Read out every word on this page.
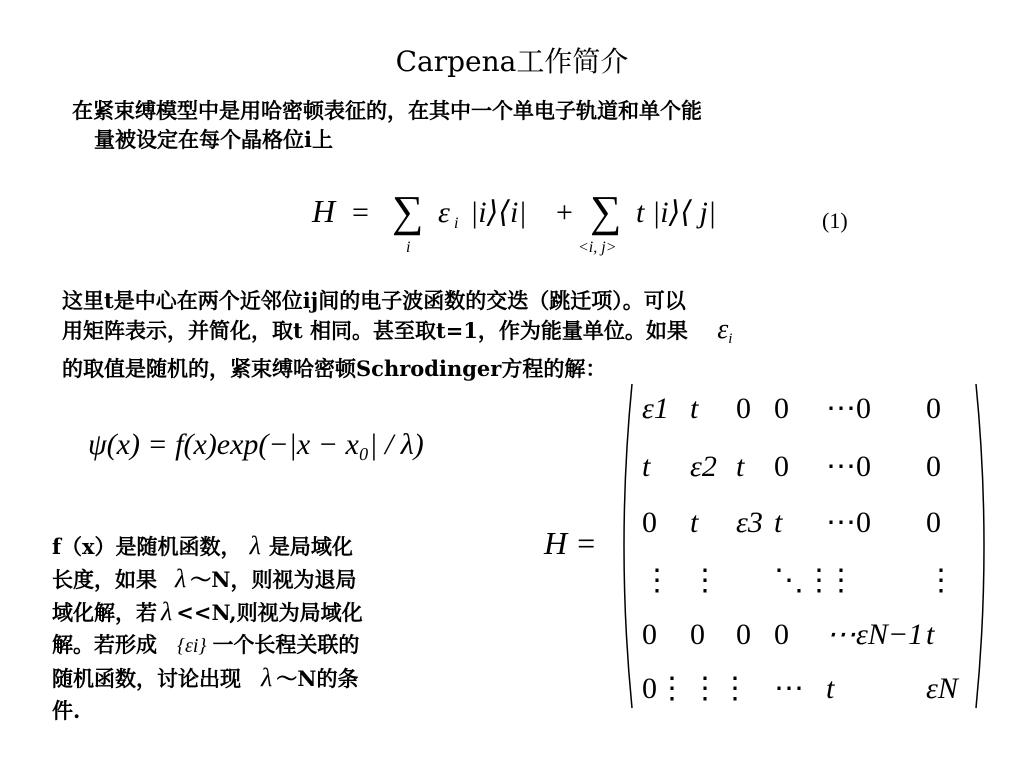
Carpena工作简介
在紧束缚模型中是用哈密顿表征的，在其中一个单电子轨道和单个能
量被设定在每个晶格位i上
H = ∑
i
ε i |i⟩⟨i| + ∑
<i, j>
t |i⟩⟨ j|	(1)
这里t是中心在两个近邻位ij间的电子波函数的交迭（跳迁项）。可以
用矩阵表示，并简化，取t 相同。甚至取t=1，作为能量单位。如果 $\varepsilon_i$
的取值是随机的，紧束缚哈密顿Schrodinger方程的解：
ψ(x) = f(x)exp(−|x − x₀| / λ)
H =
ε1 t 0 0 ⋯0 0
t ε2 t 0 ⋯0 0
0 t ε3 t ⋯0 0
⋮ ⋮ ⋱⋮
⋮ ⋮
0 0 0 0 ⋯εN−1 t
0⋮ ⋮⋮ ⋯ t	εN
f（x）是随机函数， λ 是局域化
长度，如果 λ ～N，则视为退局
域化解，若 λ <<N,则视为局域化
解。若形成 {εi} 一个长程关联的
随机函数，讨论出现 λ ～N的条
件.
